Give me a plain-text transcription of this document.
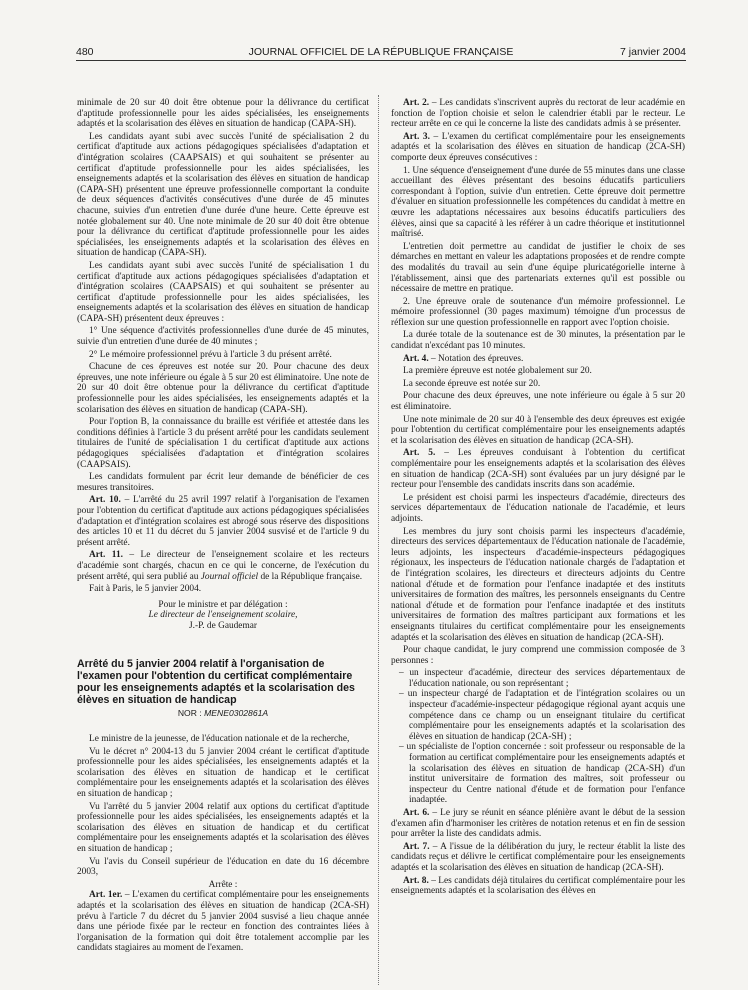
480	JOURNAL OFFICIEL DE LA RÉPUBLIQUE FRANÇAISE	7 janvier 2004

minimale de 20 sur 40 doit être obtenue pour la délivrance du certificat d'aptitude professionnelle pour les aides spécialisées, les enseignements adaptés et la scolarisation des élèves en situation de handicap (CAPA-SH).

Les candidats ayant subi avec succès l'unité de spécialisation 2 du certificat d'aptitude aux actions pédagogiques spécialisées d'adaptation et d'intégration scolaires (CAAPSAIS) et qui souhaitent se présenter au certificat d'aptitude professionnelle pour les aides spécialisées, les enseignements adaptés et la scolarisation des élèves en situation de handicap (CAPA-SH) présentent une épreuve professionnelle comportant la conduite de deux séquences d'activités consécutives d'une durée de 45 minutes chacune, suivies d'un entretien d'une durée d'une heure. Cette épreuve est notée globalement sur 40. Une note minimale de 20 sur 40 doit être obtenue pour la délivrance du certificat d'aptitude professionnelle pour les aides spécialisées, les enseignements adaptés et la scolarisation des élèves en situation de handicap (CAPA-SH).

Les candidats ayant subi avec succès l'unité de spécialisation 1 du certificat d'aptitude aux actions pédagogiques spécialisées d'adaptation et d'intégration scolaires (CAAPSAIS) et qui souhaitent se présenter au certificat d'aptitude professionnelle pour les aides spécialisées, les enseignements adaptés et la scolarisation des élèves en situation de handicap (CAPA-SH) présentent deux épreuves :

1° Une séquence d'activités professionnelles d'une durée de 45 minutes, suivie d'un entretien d'une durée de 40 minutes ;

2° Le mémoire professionnel prévu à l'article 3 du présent arrêté.

Chacune de ces épreuves est notée sur 20. Pour chacune des deux épreuves, une note inférieure ou égale à 5 sur 20 est éliminatoire. Une note de 20 sur 40 doit être obtenue pour la délivrance du certificat d'aptitude professionnelle pour les aides spécialisées, les enseignements adaptés et la scolarisation des élèves en situation de handicap (CAPA-SH).

Pour l'option B, la connaissance du braille est vérifiée et attestée dans les conditions définies à l'article 3 du présent arrêté pour les candidats seulement titulaires de l'unité de spécialisation 1 du certificat d'aptitude aux actions pédagogiques spécialisées d'adaptation et d'intégration scolaires (CAAPSAIS).

Les candidats formulent par écrit leur demande de bénéficier de ces mesures transitoires.

Art. 10. – L'arrêté du 25 avril 1997 relatif à l'organisation de l'examen pour l'obtention du certificat d'aptitude aux actions pédagogiques spécialisées d'adaptation et d'intégration scolaires est abrogé sous réserve des dispositions des articles 10 et 11 du décret du 5 janvier 2004 susvisé et de l'article 9 du présent arrêté.

Art. 11. – Le directeur de l'enseignement scolaire et les recteurs d'académie sont chargés, chacun en ce qui le concerne, de l'exécution du présent arrêté, qui sera publié au Journal officiel de la République française.

Fait à Paris, le 5 janvier 2004.

Pour le ministre et par délégation :
Le directeur de l'enseignement scolaire,
J.-P. de Gaudemar
Arrêté du 5 janvier 2004 relatif à l'organisation de l'examen pour l'obtention du certificat complémentaire pour les enseignements adaptés et la scolarisation des élèves en situation de handicap
NOR : MENE0302861A

Le ministre de la jeunesse, de l'éducation nationale et de la recherche,

Vu le décret n° 2004-13 du 5 janvier 2004 créant le certificat d'aptitude professionnelle pour les aides spécialisées, les enseignements adaptés et la scolarisation des élèves en situation de handicap et le certificat complémentaire pour les enseignements adaptés et la scolarisation des élèves en situation de handicap ;

Vu l'arrêté du 5 janvier 2004 relatif aux options du certificat d'aptitude professionnelle pour les aides spécialisées, les enseignements adaptés et la scolarisation des élèves en situation de handicap et du certificat complémentaire pour les enseignements adaptés et la scolarisation des élèves en situation de handicap ;

Vu l'avis du Conseil supérieur de l'éducation en date du 16 décembre 2003,

Arrête :

Art. 1er. – L'examen du certificat complémentaire pour les enseignements adaptés et la scolarisation des élèves en situation de handicap (2CA-SH) prévu à l'article 7 du décret du 5 janvier 2004 susvisé a lieu chaque année dans une période fixée par le recteur en fonction des contraintes liées à l'organisation de la formation qui doit être totalement accomplie par les candidats stagiaires au moment de l'examen.

Art. 2. – Les candidats s'inscrivent auprès du rectorat de leur académie en fonction de l'option choisie et selon le calendrier établi par le recteur. Le recteur arrête en ce qui le concerne la liste des candidats admis à se présenter.

Art. 3. – L'examen du certificat complémentaire pour les enseignements adaptés et la scolarisation des élèves en situation de handicap (2CA-SH) comporte deux épreuves consécutives :

1. Une séquence d'enseignement d'une durée de 55 minutes dans une classe accueillant des élèves présentant des besoins éducatifs particuliers correspondant à l'option, suivie d'un entretien. Cette épreuve doit permettre d'évaluer en situation professionnelle les compétences du candidat à mettre en œuvre les adaptations nécessaires aux besoins éducatifs particuliers des élèves, ainsi que sa capacité à les référer à un cadre théorique et institutionnel maîtrisé.

L'entretien doit permettre au candidat de justifier le choix de ses démarches en mettant en valeur les adaptations proposées et de rendre compte des modalités du travail au sein d'une équipe pluricatégorielle interne à l'établissement, ainsi que des partenariats externes qu'il est possible ou nécessaire de mettre en pratique.

2. Une épreuve orale de soutenance d'un mémoire professionnel. Le mémoire professionnel (30 pages maximum) témoigne d'un processus de réflexion sur une question professionnelle en rapport avec l'option choisie.

La durée totale de la soutenance est de 30 minutes, la présentation par le candidat n'excédant pas 10 minutes.

Art. 4. – Notation des épreuves.

La première épreuve est notée globalement sur 20.

La seconde épreuve est notée sur 20.

Pour chacune des deux épreuves, une note inférieure ou égale à 5 sur 20 est éliminatoire.

Une note minimale de 20 sur 40 à l'ensemble des deux épreuves est exigée pour l'obtention du certificat complémentaire pour les enseignements adaptés et la scolarisation des élèves en situation de handicap (2CA-SH).

Art. 5. – Les épreuves conduisant à l'obtention du certificat complémentaire pour les enseignements adaptés et la scolarisation des élèves en situation de handicap (2CA-SH) sont évaluées par un jury désigné par le recteur pour l'ensemble des candidats inscrits dans son académie.

Le président est choisi parmi les inspecteurs d'académie, directeurs des services départementaux de l'éducation nationale de l'académie, et leurs adjoints.

Les membres du jury sont choisis parmi les inspecteurs d'académie, directeurs des services départementaux de l'éducation nationale de l'académie, leurs adjoints, les inspecteurs d'académie-inspecteurs pédagogiques régionaux, les inspecteurs de l'éducation nationale chargés de l'adaptation et de l'intégration scolaires, les directeurs et directeurs adjoints du Centre national d'étude et de formation pour l'enfance inadaptée et des instituts universitaires de formation des maîtres, les personnels enseignants du Centre national d'étude et de formation pour l'enfance inadaptée et des instituts universitaires de formation des maîtres participant aux formations et les enseignants titulaires du certificat complémentaire pour les enseignements adaptés et la scolarisation des élèves en situation de handicap (2CA-SH).

Pour chaque candidat, le jury comprend une commission composée de 3 personnes :

– un inspecteur d'académie, directeur des services départementaux de l'éducation nationale, ou son représentant ;
– un inspecteur chargé de l'adaptation et de l'intégration scolaires ou un inspecteur d'académie-inspecteur pédagogique régional ayant acquis une compétence dans ce champ ou un enseignant titulaire du certificat complémentaire pour les enseignements adaptés et la scolarisation des élèves en situation de handicap (2CA-SH) ;
– un spécialiste de l'option concernée : soit professeur ou responsable de la formation au certificat complémentaire pour les enseignements adaptés et la scolarisation des élèves en situation de handicap (2CA-SH) d'un institut universitaire de formation des maîtres, soit professeur ou inspecteur du Centre national d'étude et de formation pour l'enfance inadaptée.

Art. 6. – Le jury se réunit en séance plénière avant le début de la session d'examen afin d'harmoniser les critères de notation retenus et en fin de session pour arrêter la liste des candidats admis.

Art. 7. – A l'issue de la délibération du jury, le recteur établit la liste des candidats reçus et délivre le certificat complémentaire pour les enseignements adaptés et la scolarisation des élèves en situation de handicap (2CA-SH).

Art. 8. – Les candidats déjà titulaires du certificat complémentaire pour les enseignements adaptés et la scolarisation des élèves en
